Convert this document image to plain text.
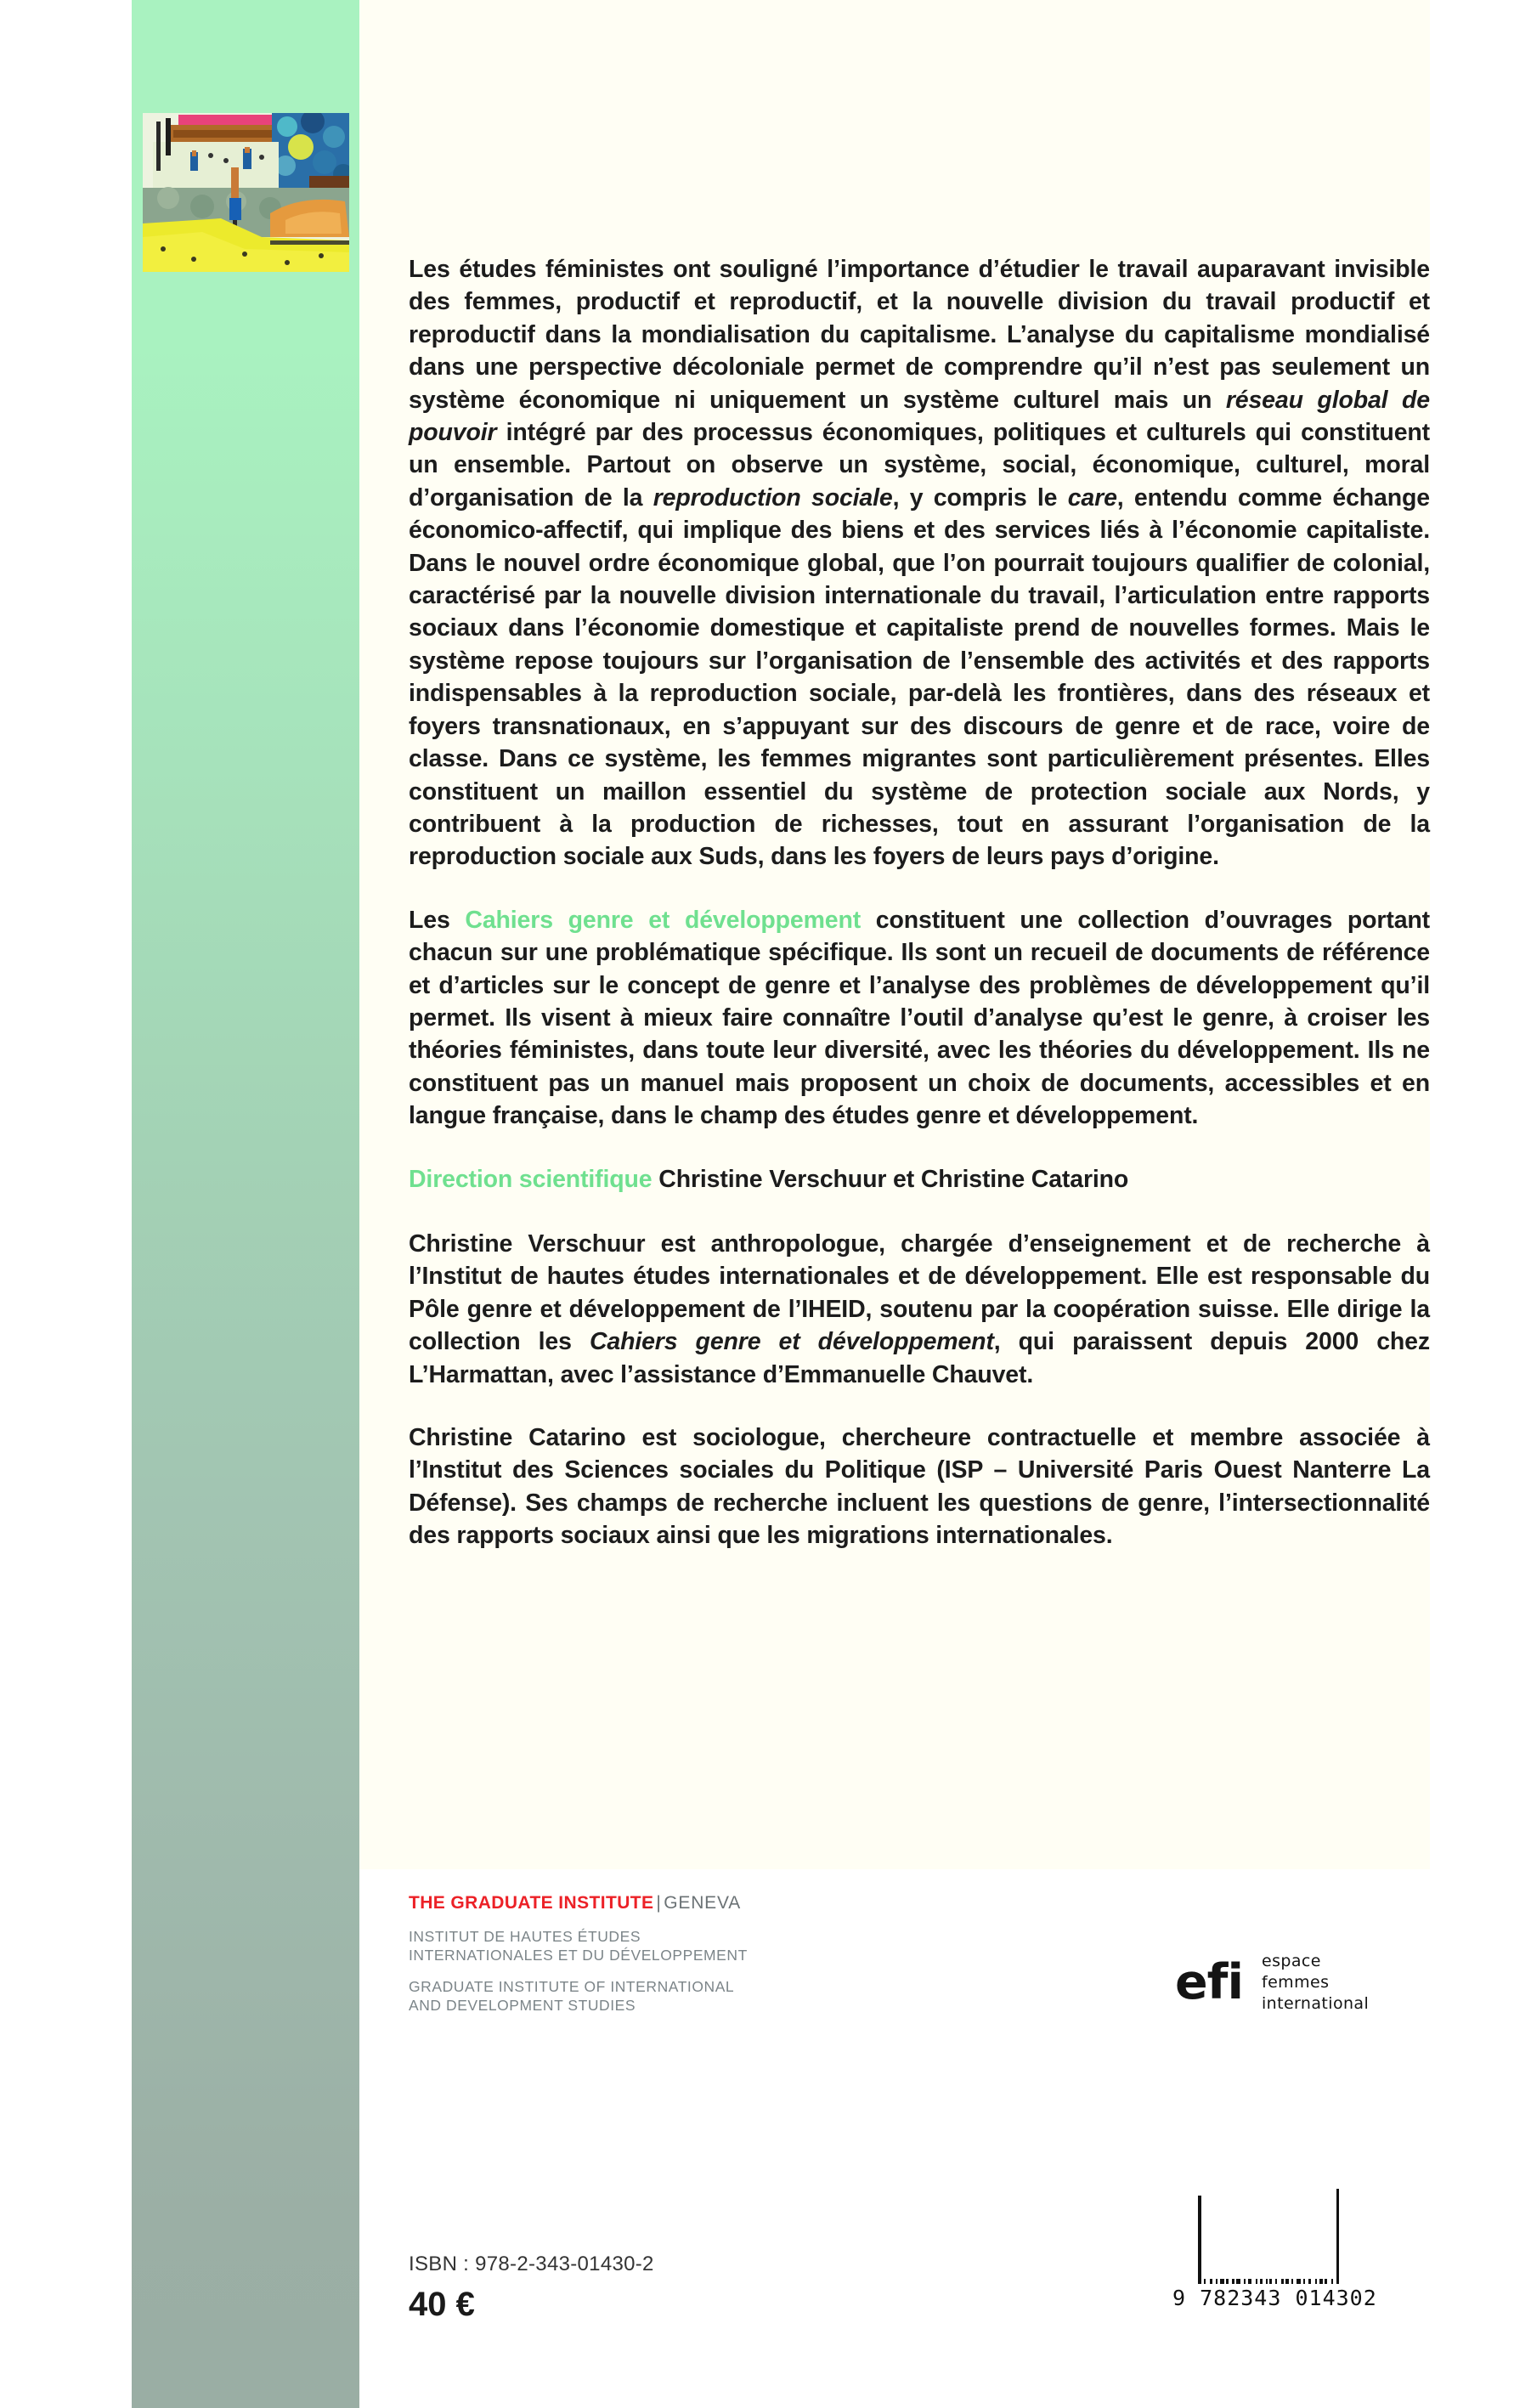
Les études féministes ont souligné l’importance d’étudier le travail auparavant invisible des femmes, productif et reproductif, et la nouvelle division du travail productif et reproductif dans la mondialisation du capitalisme. L’analyse du capitalisme mondialisé dans une perspective décoloniale permet de comprendre qu’il n’est pas seulement un système économique ni uniquement un système culturel mais un réseau global de pouvoir intégré par des processus économiques, politiques et culturels qui constituent un ensemble. Partout on observe un système, social, économique, culturel, moral d’organisation de la reproduction sociale, y compris le care, entendu comme échange économico-affectif, qui implique des biens et des services liés à l’économie capitaliste. Dans le nouvel ordre économique global, que l’on pourrait toujours qualifier de colonial, caractérisé par la nouvelle division internationale du travail, l’articulation entre rapports sociaux dans l’économie domestique et capitaliste prend de nouvelles formes. Mais le système repose toujours sur l’organisation de l’ensemble des activités et des rapports indispensables à la reproduction sociale, par-delà les frontières, dans des réseaux et foyers transnationaux, en s’appuyant sur des discours de genre et de race, voire de classe. Dans ce système, les femmes migrantes sont particulièrement présentes. Elles constituent un maillon essentiel du système de protection sociale aux Nords, y contribuent à la production de richesses, tout en assurant l’organisation de la reproduction sociale aux Suds, dans les foyers de leurs pays d’origine.

Les Cahiers genre et développement constituent une collection d’ouvrages portant chacun sur une problématique spécifique. Ils sont un recueil de documents de référence et d’articles sur le concept de genre et l’analyse des problèmes de développement qu’il permet. Ils visent à mieux faire connaître l’outil d’analyse qu’est le genre, à croiser les théories féministes, dans toute leur diversité, avec les théories du développement. Ils ne constituent pas un manuel mais proposent un choix de documents, accessibles et en langue française, dans le champ des études genre et développement.

Direction scientifique Christine Verschuur et Christine Catarino

Christine Verschuur est anthropologue, chargée d’enseignement et de recherche à l’Institut de hautes études internationales et de développement. Elle est responsable du Pôle genre et développement de l’IHEID, soutenu par la coopération suisse. Elle dirige la collection les Cahiers genre et développement, qui paraissent depuis 2000 chez L’Harmattan, avec l’assistance d’Emmanuelle Chauvet.

Christine Catarino est sociologue, chercheure contractuelle et membre associée à l’Institut des Sciences sociales du Politique (ISP – Université Paris Ouest Nanterre La Défense). Ses champs de recherche incluent les questions de genre, l’intersectionnalité des rapports sociaux ainsi que les migrations internationales.

THE GRADUATE INSTITUTE | GENEVA
INSTITUT DE HAUTES ÉTUDES
INTERNATIONALES ET DU DÉVELOPPEMENT
GRADUATE INSTITUTE OF INTERNATIONAL
AND DEVELOPMENT STUDIES	efi espace
femmes
international
ISBN : 978-2-343-01430-2
40 €	9 782343 014302
